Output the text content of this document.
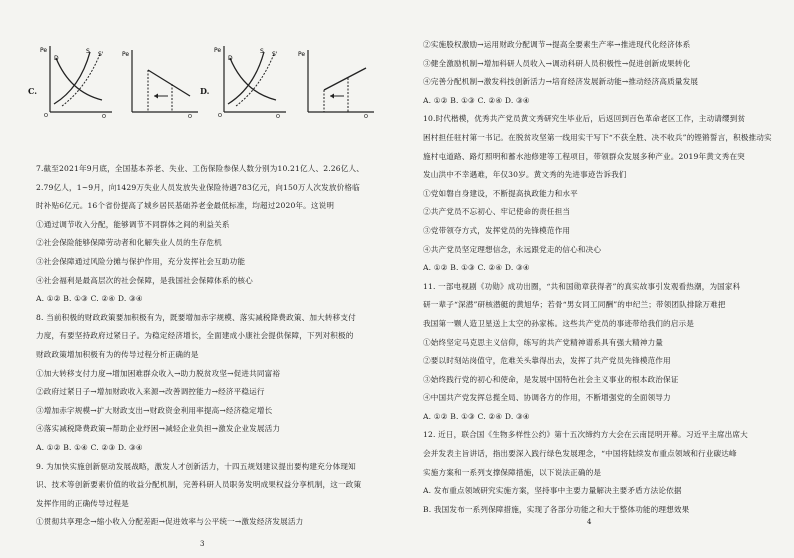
C.	D.
Pe
D
S S'
O	Q
Pe
Q
Pe
D
S S'
O	Q
Pe
Q
7.截至2021年9月底，全国基本养老、失业、工伤保险参保人数分别为10.21亿人、2.26亿人、
2.79亿人，1~9月，向1429万失业人员发放失业保险待遇783亿元，向150万人次发放价格临
时补贴6亿元。16个省份提高了城乡居民基础养老金最低标准，均超过2020年。这说明
①通过调节收入分配，能够调节不同群体之间的利益关系
②社会保险能够保障劳动者和化解失业人员的生存危机
③社会保障通过风险分摊与保护作用，充分发挥社会互助功能
④社会福利是最高层次的社会保障，是我国社会保障体系的核心
A. ①② B. ①③ C. ②④ D. ③④
8. 当前积极的财政政策要加积极有为，既要增加赤字规模、落实减税降费政策、加大转移支付
力度，有要坚持政府过紧日子。为稳定经济增长，全面建成小康社会提供保障，下列对积极的
财政政策增加积极有为的传导过程分析正确的是
①加大转移支付力度→增加困难群众收入→助力脱贫攻坚→促进共同富裕
②政府过紧日子→增加财政收入来源→改善调控能力→经济平稳运行
③增加赤字规模→扩大财政支出→财政资金利用率提高→经济稳定增长
④落实减税降费政策→帮助企业纾困→减轻企业负担→激发企业发展活力
A. ①② B. ①④ C. ②③ D. ③④
9. 为加快实施创新驱动发展战略，激发人才创新活力，十四五规划建议提出要构建充分体现知
识、技术等创新要素价值的收益分配机制，完善科研人员职务发明成果权益分享机制，这一政策
发挥作用的正确传导过程是
①贯彻共享理念→缩小收入分配差距→促进效率与公平统一→激发经济发展活力
3
②实施股权激励→运用财政分配调节→提高全要素生产率→推进现代化经济体系
③健全激励机制→增加科研人员收入→调动科研人员积极性→促进创新成果转化
④完善分配机制→激发科技创新活力→培育经济发展新动能→推动经济高质量发展
A. ①② B. ①③ C. ②④ D. ③④
10.时代楷模，优秀共产党员黄文秀研究生毕业后，后返回到百色革命老区工作，主动请缨到贫
困村担任驻村第一书记。在脱贫攻坚第一线用实干写下“不获全胜、决不收兵”的铿锵誓言，积极推动实
施村屯道路、路灯照明和蓄水池修建等工程项目，带领群众发展多种产业。2019年黄文秀在突
发山洪中不幸遇难，年仅30岁。黄文秀的先进事迹告诉我们
①党如磐自身建设，不断提高执政能力和水平
②共产党员不忘初心、牢记使命的责任担当
③党带领夺方式，发挥党员的先锋模范作用
④共产党员坚定理想信念，永远跟党走的信心和决心
A. ①② B. ①③ C. ②④ D. ③④
11. 一部电视剧《功勋》成功出圈，“共和国勋章获得者”的真实故事引发观看热潮，为国家科
研一辈子“深潜”研核潜艇的黄旭华；若骨“男女同工同酬”的申纪兰；带领团队排除万难把
我国第一颗人造卫星送上太空的孙家栋。这些共产党员的事迹带给我们的启示是
①始终坚定马克思主义信仰，练写的共产党精神谱系具有强大精神力量
②要以时刻站岗值守，危难关头靠得出去，发挥了共产党员先锋模范作用
③始终践行党的初心和使命，是发展中国特色社会主义事业的根本政治保证
④中国共产党发挥总揽全局、协调各方的作用，不断增强党的全面领导力
A. ①② B. ①③ C. ②④ D. ③④
12. 近日，联合国《生物多样性公约》第十五次缔约方大会在云南昆明开幕。习近平主席出席大
会并发表主旨讲话，指出要深入践行绿色发展理念，“中国将陆续发布重点领域和行业碳达峰
实施方案和一系列支撑保障措施，以下说法正确的是
A. 发布重点领域研究实施方案，坚持事中主要力量解决主要矛盾方法论依据
B. 我国发布一系列保障措施，实现了各部分功能之和大于整体功能的理想效果
4
